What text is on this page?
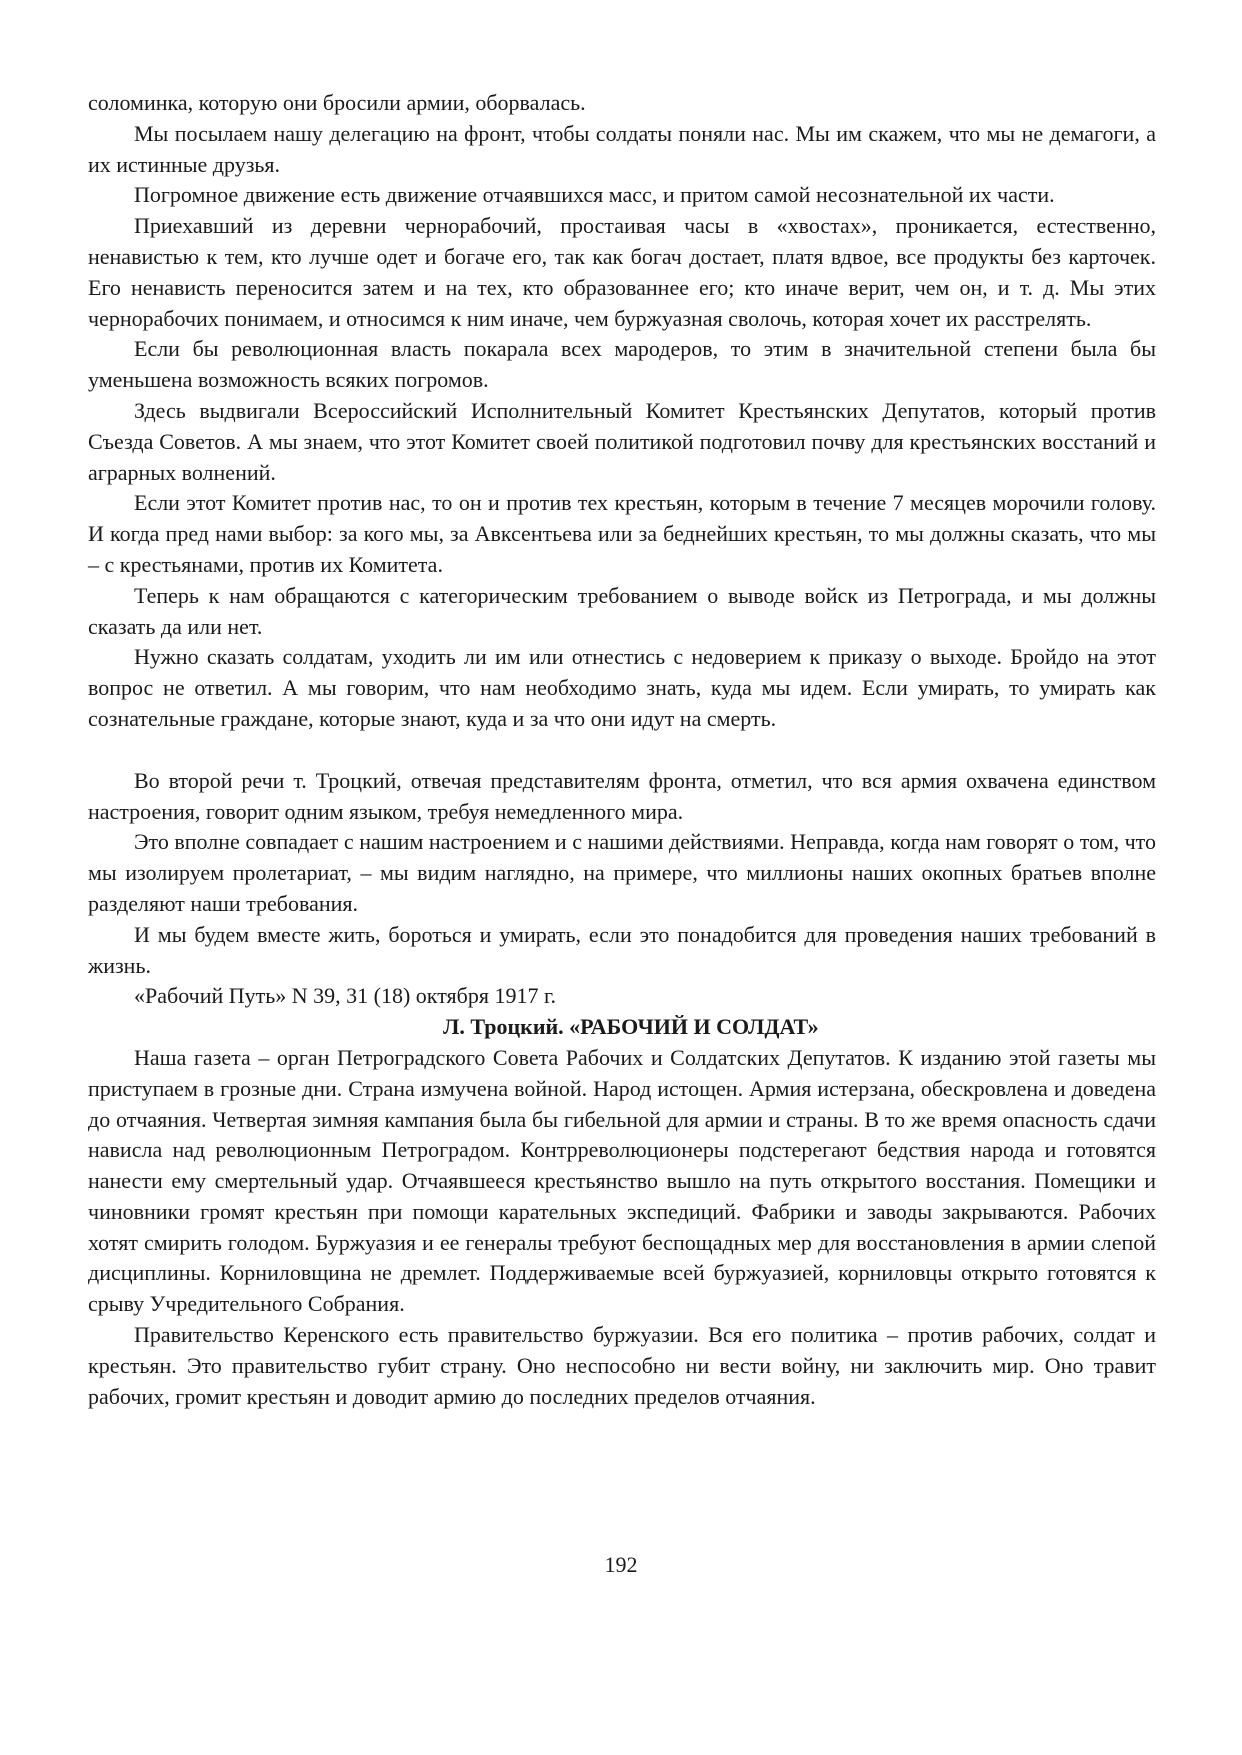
соломинка, которую они бросили армии, оборвалась.

Мы посылаем нашу делегацию на фронт, чтобы солдаты поняли нас. Мы им скажем, что мы не демагоги, а их истинные друзья.

Погромное движение есть движение отчаявшихся масс, и притом самой несознательной их части.

Приехавший из деревни чернорабочий, простаивая часы в «хвостах», проникается, естественно, ненавистью к тем, кто лучше одет и богаче его, так как богач достает, платя вдвое, все продукты без карточек. Его ненависть переносится затем и на тех, кто образованнее его; кто иначе верит, чем он, и т. д. Мы этих чернорабочих понимаем, и относимся к ним иначе, чем буржуазная сволочь, которая хочет их расстрелять.

Если бы революционная власть покарала всех мародеров, то этим в значительной степени была бы уменьшена возможность всяких погромов.

Здесь выдвигали Всероссийский Исполнительный Комитет Крестьянских Депутатов, который против Съезда Советов. А мы знаем, что этот Комитет своей политикой подготовил почву для крестьянских восстаний и аграрных волнений.

Если этот Комитет против нас, то он и против тех крестьян, которым в течение 7 месяцев морочили голову. И когда пред нами выбор: за кого мы, за Авксентьева или за беднейших крестьян, то мы должны сказать, что мы – с крестьянами, против их Комитета.

Теперь к нам обращаются с категорическим требованием о выводе войск из Петрограда, и мы должны сказать да или нет.

Нужно сказать солдатам, уходить ли им или отнестись с недоверием к приказу о выходе. Бройдо на этот вопрос не ответил. А мы говорим, что нам необходимо знать, куда мы идем. Если умирать, то умирать как сознательные граждане, которые знают, куда и за что они идут на смерть.

Во второй речи т. Троцкий, отвечая представителям фронта, отметил, что вся армия охвачена единством настроения, говорит одним языком, требуя немедленного мира.

Это вполне совпадает с нашим настроением и с нашими действиями. Неправда, когда нам говорят о том, что мы изолируем пролетариат, – мы видим наглядно, на примере, что миллионы наших окопных братьев вполне разделяют наши требования.

И мы будем вместе жить, бороться и умирать, если это понадобится для проведения наших требований в жизнь.

«Рабочий Путь» N 39, 31 (18) октября 1917 г.

Л. Троцкий. «РАБОЧИЙ И СОЛДАТ»

Наша газета – орган Петроградского Совета Рабочих и Солдатских Депутатов. К изданию этой газеты мы приступаем в грозные дни. Страна измучена войной. Народ истощен. Армия истерзана, обескровлена и доведена до отчаяния. Четвертая зимняя кампания была бы гибельной для армии и страны. В то же время опасность сдачи нависла над революционным Петроградом. Контрреволюционеры подстерегают бедствия народа и готовятся нанести ему смертельный удар. Отчаявшееся крестьянство вышло на путь открытого восстания. Помещики и чиновники громят крестьян при помощи карательных экспедиций. Фабрики и заводы закрываются. Рабочих хотят смирить голодом. Буржуазия и ее генералы требуют беспощадных мер для восстановления в армии слепой дисциплины. Корниловщина не дремлет. Поддерживаемые всей буржуазией, корниловцы открыто готовятся к срыву Учредительного Собрания.

Правительство Керенского есть правительство буржуазии. Вся его политика – против рабочих, солдат и крестьян. Это правительство губит страну. Оно неспособно ни вести войну, ни заключить мир. Оно травит рабочих, громит крестьян и доводит армию до последних пределов отчаяния.

192
